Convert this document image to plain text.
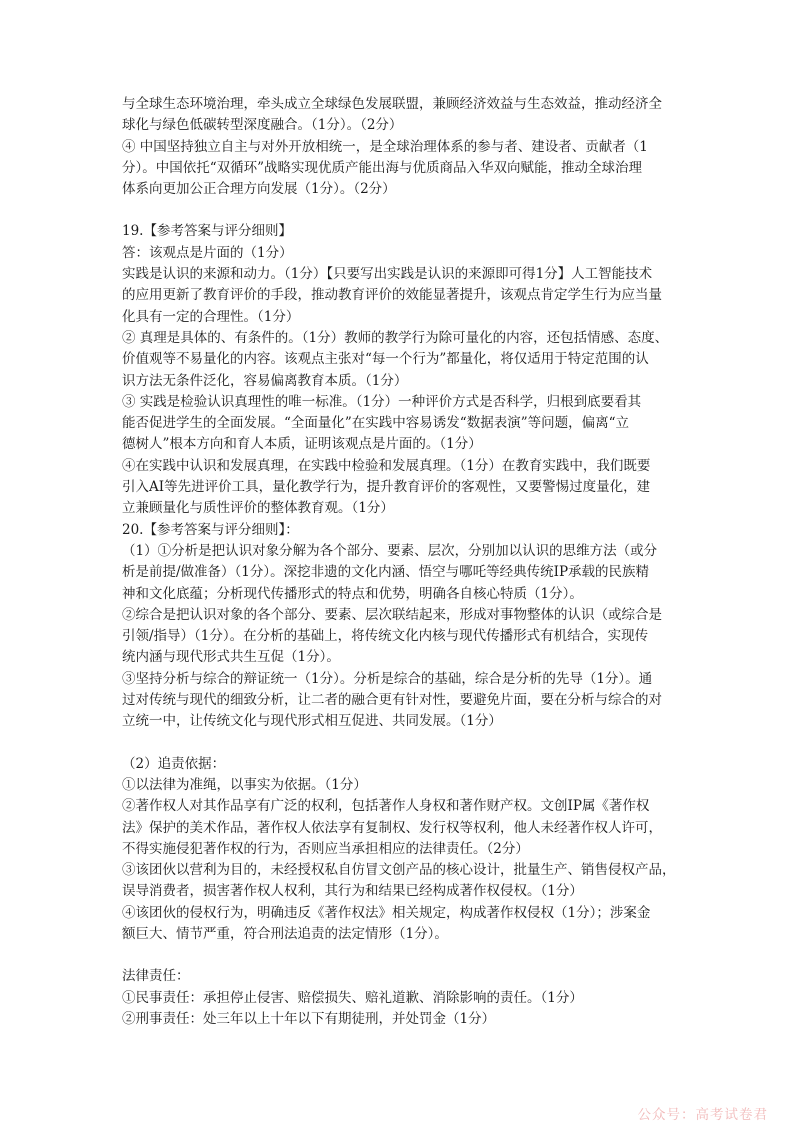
与全球生态环境治理，牵头成立全球绿色发展联盟，兼顾经济效益与生态效益，推动经济全
球化与绿色低碳转型深度融合。（1分）。（2分）
④ 中国坚持独立自主与对外开放相统一，是全球治理体系的参与者、建设者、贡献者（1
分）。中国依托“双循环”战略实现优质产能出海与优质商品入华双向赋能，推动全球治理
体系向更加公正合理方向发展（1分）。（2分）
19.【参考答案与评分细则】
答：该观点是片面的（1分）
实践是认识的来源和动力。（1分）【只要写出实践是认识的来源即可得1分】人工智能技术
的应用更新了教育评价的手段，推动教育评价的效能显著提升，该观点肯定学生行为应当量
化具有一定的合理性。（1分）
② 真理是具体的、有条件的。（1分）教师的教学行为除可量化的内容，还包括情感、态度、
价值观等不易量化的内容。该观点主张对“每一个行为”都量化，将仅适用于特定范围的认
识方法无条件泛化，容易偏离教育本质。（1分）
③ 实践是检验认识真理性的唯一标准。（1分）一种评价方式是否科学，归根到底要看其
能否促进学生的全面发展。“全面量化”在实践中容易诱发“数据表演”等问题，偏离“立
德树人”根本方向和育人本质，证明该观点是片面的。（1分）
④在实践中认识和发展真理，在实践中检验和发展真理。（1分）在教育实践中，我们既要
引入AI等先进评价工具，量化教学行为，提升教育评价的客观性，又要警惕过度量化，建
立兼顾量化与质性评价的整体教育观。（1分）
20.【参考答案与评分细则】：
（1）①分析是把认识对象分解为各个部分、要素、层次，分别加以认识的思维方法（或分
析是前提/做准备）（1分）。深挖非遗的文化内涵、悟空与哪吒等经典传统IP承载的民族精
神和文化底蕴；分析现代传播形式的特点和优势，明确各自核心特质（1分）。
②综合是把认识对象的各个部分、要素、层次联结起来，形成对事物整体的认识（或综合是
引领/指导）（1分）。在分析的基础上，将传统文化内核与现代传播形式有机结合，实现传
统内涵与现代形式共生互促（1分）。
③坚持分析与综合的辩证统一（1分）。分析是综合的基础，综合是分析的先导（1分）。通
过对传统与现代的细致分析，让二者的融合更有针对性，要避免片面，要在分析与综合的对
立统一中，让传统文化与现代形式相互促进、共同发展。（1分）
（2）追责依据：
①以法律为准绳，以事实为依据。（1分）
②著作权人对其作品享有广泛的权利，包括著作人身权和著作财产权。文创IP属《著作权
法》保护的美术作品，著作权人依法享有复制权、发行权等权利，他人未经著作权人许可，
不得实施侵犯著作权的行为，否则应当承担相应的法律责任。（2分）
③该团伙以营利为目的，未经授权私自仿冒文创产品的核心设计，批量生产、销售侵权产品，
误导消费者，损害著作权人权利，其行为和结果已经构成著作权侵权。（1分）
④该团伙的侵权行为，明确违反《著作权法》相关规定，构成著作权侵权（1分）；涉案金
额巨大、情节严重，符合刑法追责的法定情形（1分）。
法律责任：
①民事责任：承担停止侵害、赔偿损失、赔礼道歉、消除影响的责任。（1分）
②刑事责任：处三年以上十年以下有期徒刑，并处罚金（1分）
公众号：高考试卷君
